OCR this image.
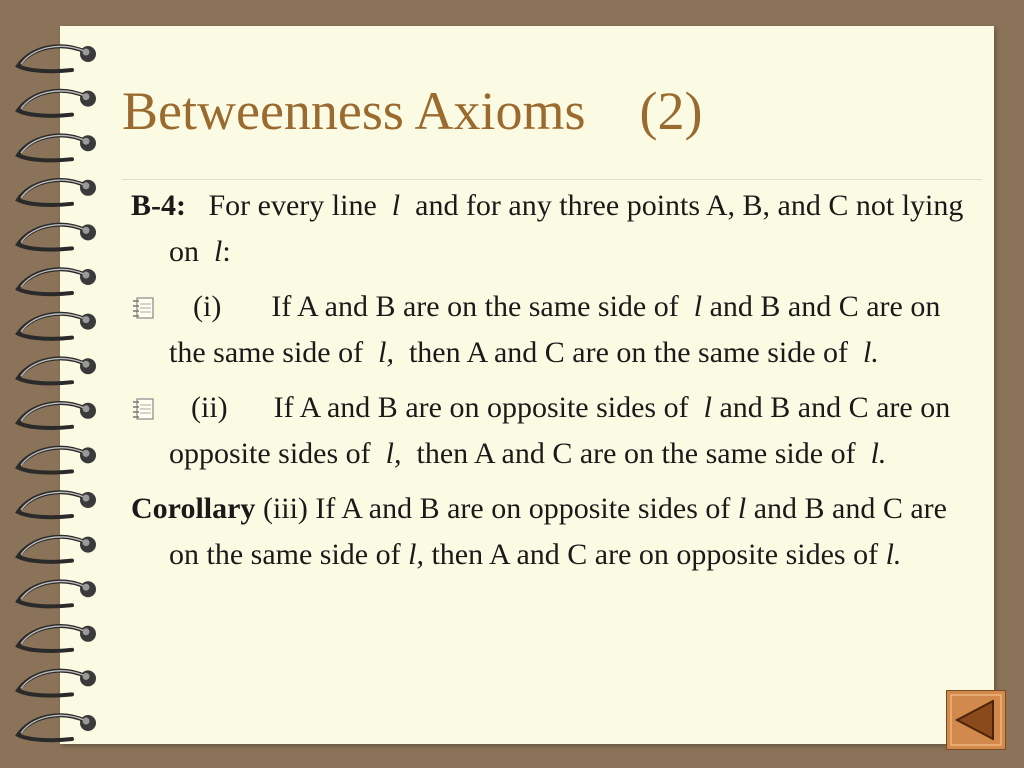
Betweenness Axioms    (2)

B-4: For every line l and for any three points A, B, and C not lying on l:

(i) If A and B are on the same side of l and B and C are on the same side of l, then A and C are on the same side of l.

(ii) If A and B are on opposite sides of l and B and C are on opposite sides of l, then A and C are on the same side of l.

Corollary (iii) If A and B are on opposite sides of l and B and C are on the same side of l, then A and C are on opposite sides of l.
